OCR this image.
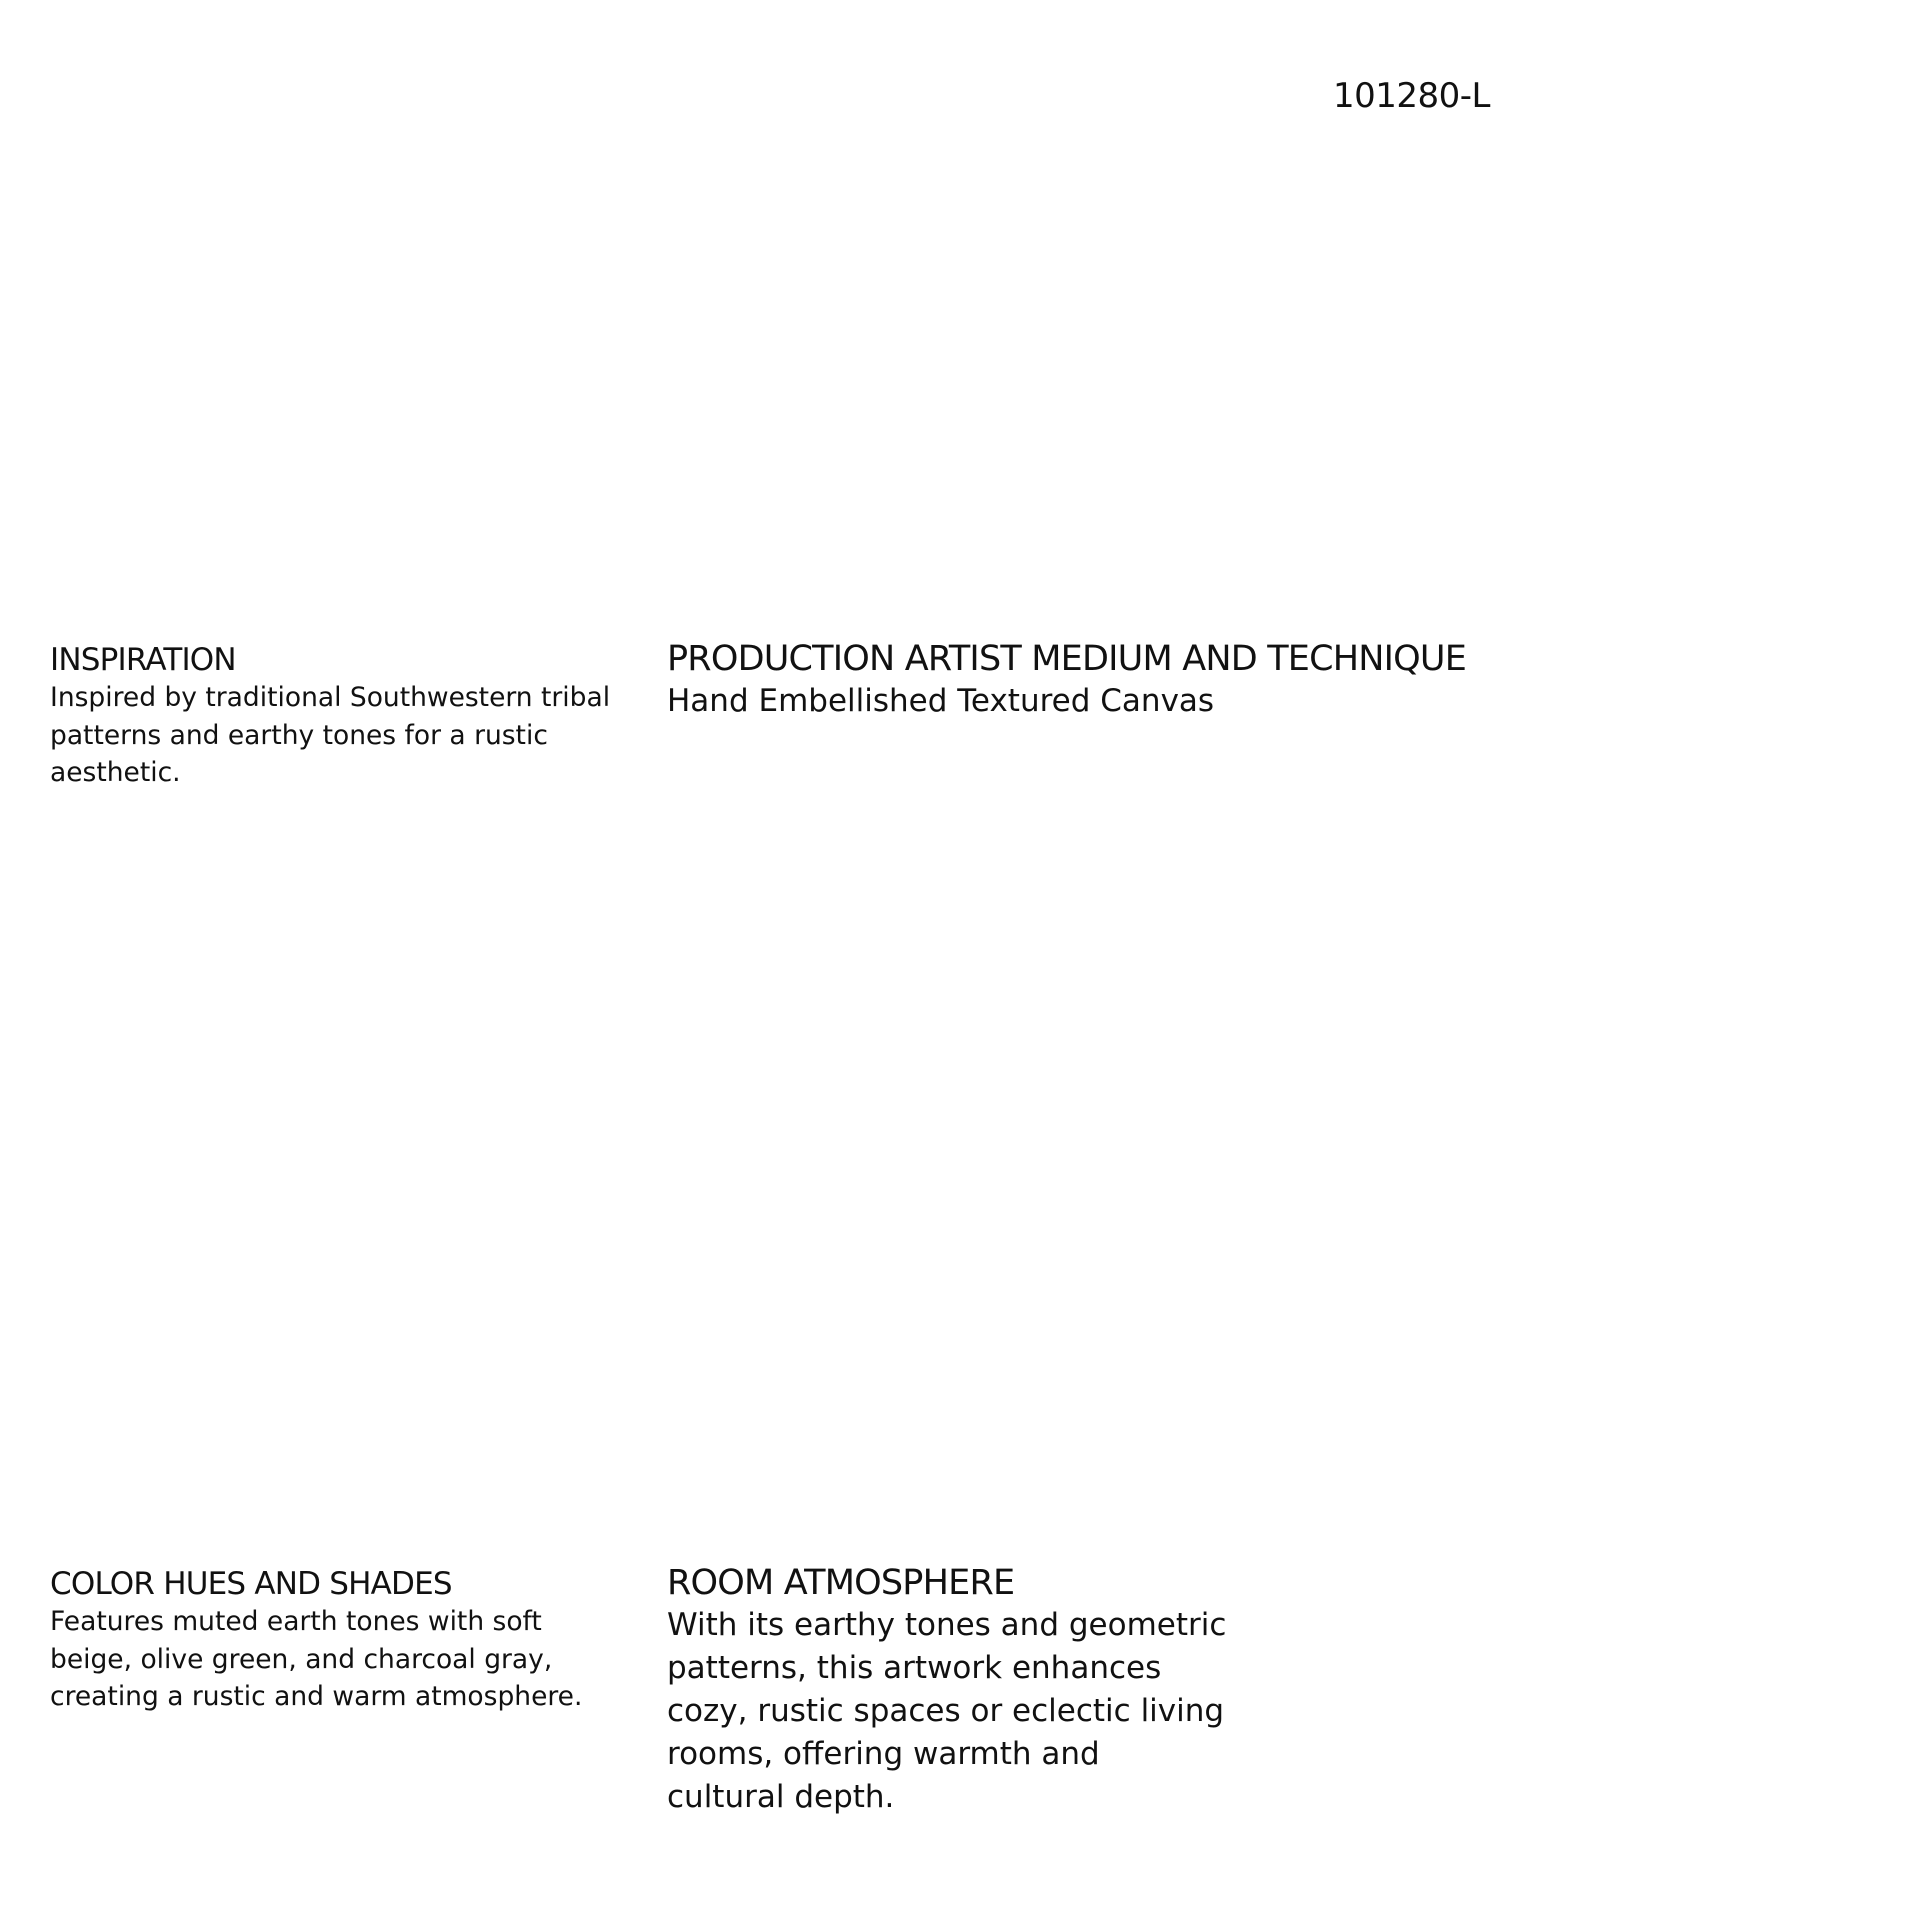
101280-L
INSPIRATION

Inspired by traditional Southwestern tribal patterns and earthy tones for a rustic aesthetic.

PRODUCTION ARTIST MEDIUM AND TECHNIQUE

Hand Embellished Textured Canvas

COLOR HUES AND SHADES

Features muted earth tones with soft beige, olive green, and charcoal gray, creating a rustic and warm atmosphere.

ROOM ATMOSPHERE

With its earthy tones and geometric patterns, this artwork enhances cozy, rustic spaces or eclectic living rooms, offering warmth and cultural depth.
